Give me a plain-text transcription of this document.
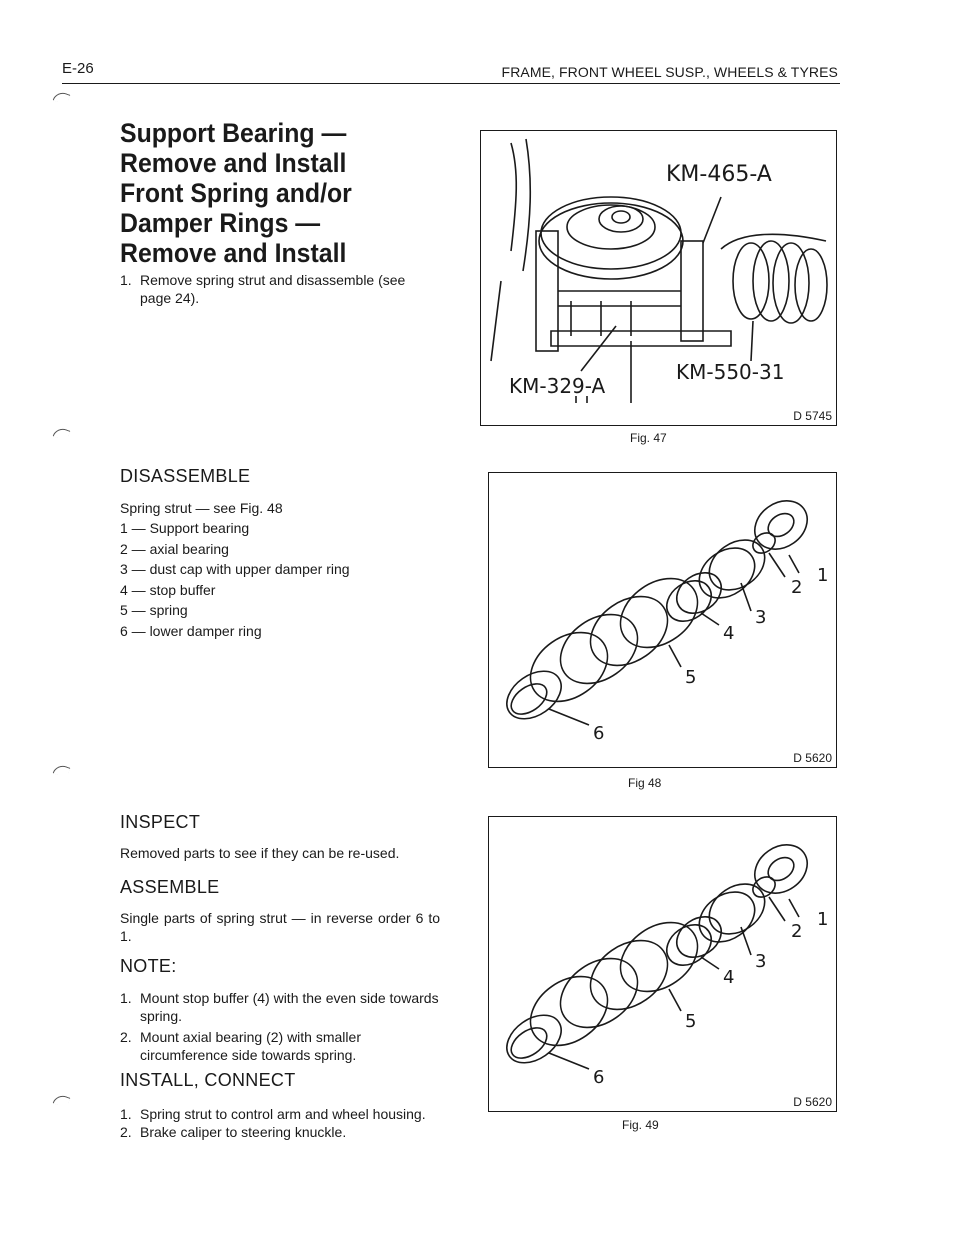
E-26	FRAME, FRONT WHEEL SUSP., WHEELS & TYRES
Support Bearing —
Remove and Install
Front Spring and/or
Damper Rings —
Remove and Install
1. Remove spring strut and disassemble (see page 24).
DISASSEMBLE
Spring strut — see Fig. 48
1 — Support bearing
2 — axial bearing
3 — dust cap with upper damper ring
4 — stop buffer
5 — spring
6 — lower damper ring
INSPECT
Removed parts to see if they can be re-used.
ASSEMBLE
Single parts of spring strut — in reverse order 6 to 1.
NOTE:
1. Mount stop buffer (4) with the even side towards spring.
2. Mount axial bearing (2) with smaller circumference side towards spring.
INSTALL, CONNECT
1. Spring strut to control arm and wheel housing.
2. Brake caliper to steering knuckle.
KM-465-A
KM-550-31
KM-329-A
D 5745
Fig. 47
1
2
3
4
5
6
D 5620
Fig 48
1
2
3
4
5
6
D 5620
Fig. 49
